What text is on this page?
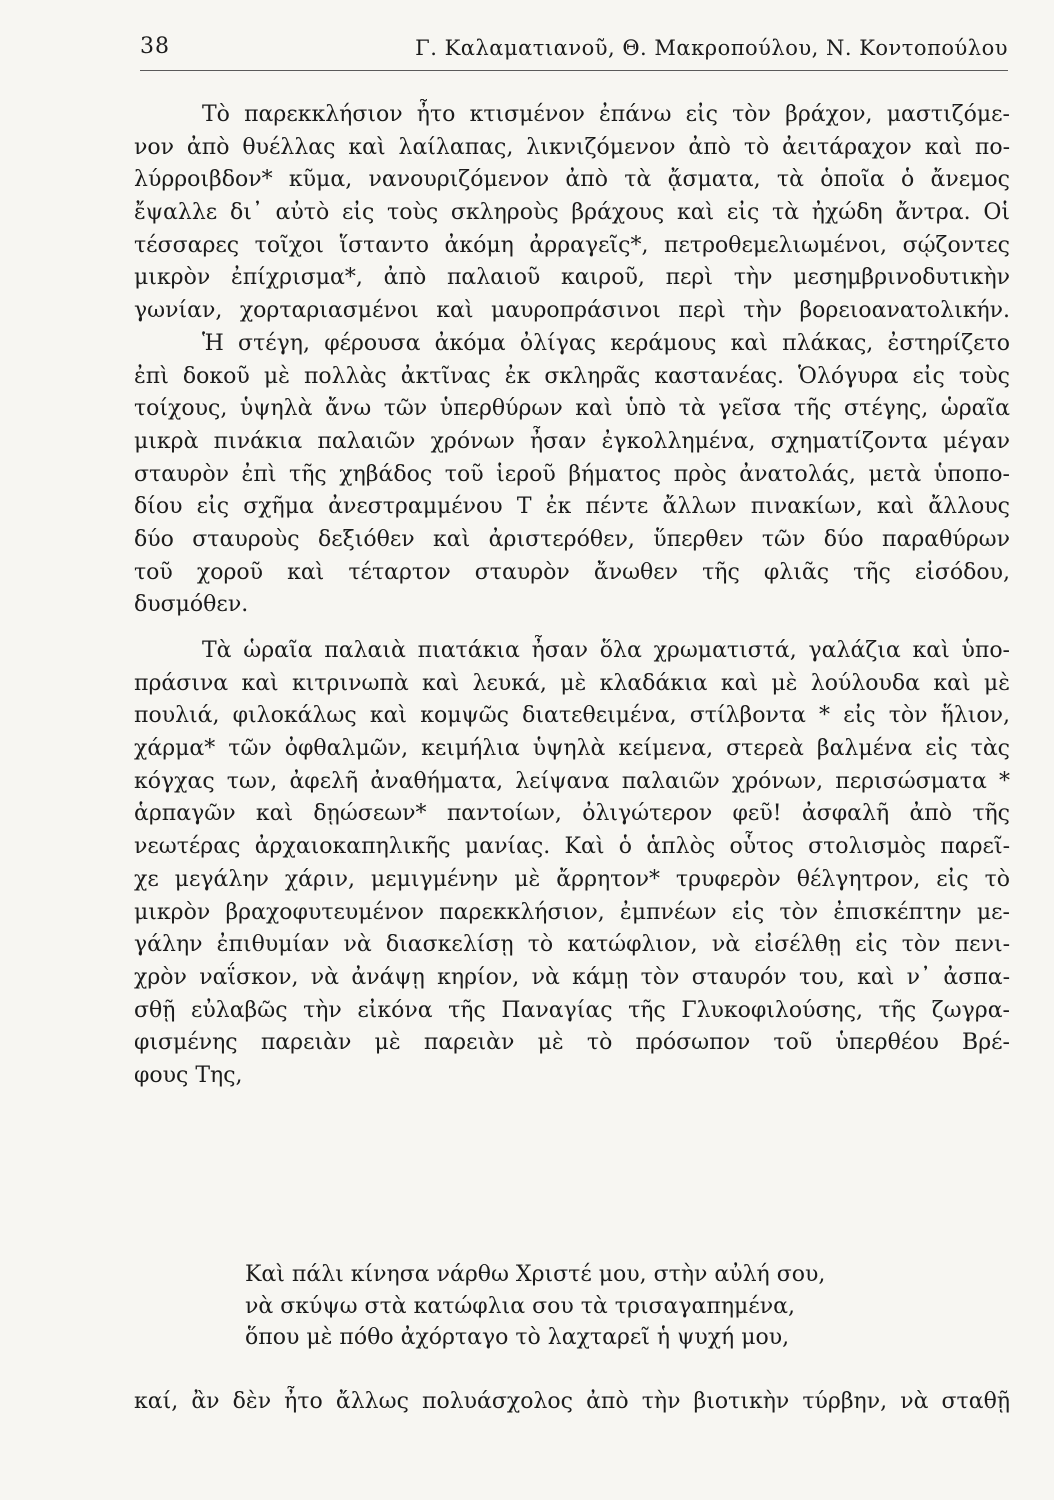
38	Γ. Καλαματιανοῦ, Θ. Μακροπούλου, Ν. Κοντοπούλου
Τὸ παρεκκλήσιον ἦτο κτισμένον ἐπάνω εἰς τὸν βράχον, μαστιζόμε-
νον ἀπὸ θυέλλας καὶ λαίλαπας, λικνιζόμενον ἀπὸ τὸ ἀειτάραχον καὶ πο-
λύρροιβδον* κῦμα, νανουριζόμενον ἀπὸ τὰ ᾄσματα, τὰ ὁποῖα ὁ ἄνεμος
ἔψαλλε δι᾽ αὐτὸ εἰς τοὺς σκληροὺς βράχους καὶ εἰς τὰ ἠχώδη ἄντρα. Οἱ
τέσσαρες τοῖχοι ἵσταντο ἀκόμη ἀρραγεῖς*, πετροθεμελιωμένοι, σῴζοντες
μικρὸν ἐπίχρισμα*, ἀπὸ παλαιοῦ καιροῦ, περὶ τὴν μεσημβρινοδυτικὴν
γωνίαν, χορταριασμένοι καὶ μαυροπράσινοι περὶ τὴν βορειοανατολικήν.
Ἡ στέγη, φέρουσα ἀκόμα ὀλίγας κεράμους καὶ πλάκας, ἐστηρίζετο
ἐπὶ δοκοῦ μὲ πολλὰς ἀκτῖνας ἐκ σκληρᾶς καστανέας. Ὁλόγυρα εἰς τοὺς
τοίχους, ὑψηλὰ ἄνω τῶν ὑπερθύρων καὶ ὑπὸ τὰ γεῖσα τῆς στέγης, ὡραῖα
μικρὰ πινάκια παλαιῶν χρόνων ἦσαν ἐγκολλημένα, σχηματίζοντα μέγαν
σταυρὸν ἐπὶ τῆς χηβάδος τοῦ ἱεροῦ βήματος πρὸς ἀνατολάς, μετὰ ὑποπο-
δίου εἰς σχῆμα ἀνεστραμμένου Τ ἐκ πέντε ἄλλων πινακίων, καὶ ἄλλους
δύο σταυροὺς δεξιόθεν καὶ ἀριστερόθεν, ὕπερθεν τῶν δύο παραθύρων
τοῦ χοροῦ καὶ τέταρτον σταυρὸν ἄνωθεν τῆς φλιᾶς τῆς εἰσόδου,
δυσμόθεν.
Τὰ ὡραῖα παλαιὰ πιατάκια ἦσαν ὅλα χρωματιστά, γαλάζια καὶ ὑπο-
πράσινα καὶ κιτρινωπὰ καὶ λευκά, μὲ κλαδάκια καὶ μὲ λούλουδα καὶ μὲ
πουλιά, φιλοκάλως καὶ κομψῶς διατεθειμένα, στίλβοντα * εἰς τὸν ἥλιον,
χάρμα* τῶν ὀφθαλμῶν, κειμήλια ὑψηλὰ κείμενα, στερεὰ βαλμένα εἰς τὰς
κόγχας των, ἀφελῆ ἀναθήματα, λείψανα παλαιῶν χρόνων, περισώσματα *
ἁρπαγῶν καὶ δῃώσεων* παντοίων, ὀλιγώτερον φεῦ! ἀσφαλῆ ἀπὸ τῆς
νεωτέρας ἀρχαιοκαπηλικῆς μανίας. Καὶ ὁ ἁπλὸς οὗτος στολισμὸς παρεῖ-
χε μεγάλην χάριν, μεμιγμένην μὲ ἄρρητον* τρυφερὸν θέλγητρον, εἰς τὸ
μικρὸν βραχοφυτευμένον παρεκκλήσιον, ἐμπνέων εἰς τὸν ἐπισκέπτην με-
γάλην ἐπιθυμίαν νὰ διασκελίσῃ τὸ κατώφλιον, νὰ εἰσέλθῃ εἰς τὸν πενι-
χρὸν ναΐσκον, νὰ ἀνάψῃ κηρίον, νὰ κάμῃ τὸν σταυρόν του, καὶ ν᾽ ἀσπα-
σθῇ εὐλαβῶς τὴν εἰκόνα τῆς Παναγίας τῆς Γλυκοφιλούσης, τῆς ζωγρα-
φισμένης παρειὰν μὲ παρειὰν μὲ τὸ πρόσωπον τοῦ ὑπερθέου Βρέ-
φους Της,
Καὶ πάλι κίνησα νάρθω Χριστέ μου, στὴν αὐλή σου,
νὰ σκύψω στὰ κατώφλια σου τὰ τρισαγαπημένα,
ὅπου μὲ πόθο ἀχόρταγο τὸ λαχταρεῖ ἡ ψυχή μου,
καί, ἂν δὲν ἦτο ἄλλως πολυάσχολος ἀπὸ τὴν βιοτικὴν τύρβην, νὰ σταθῇ
